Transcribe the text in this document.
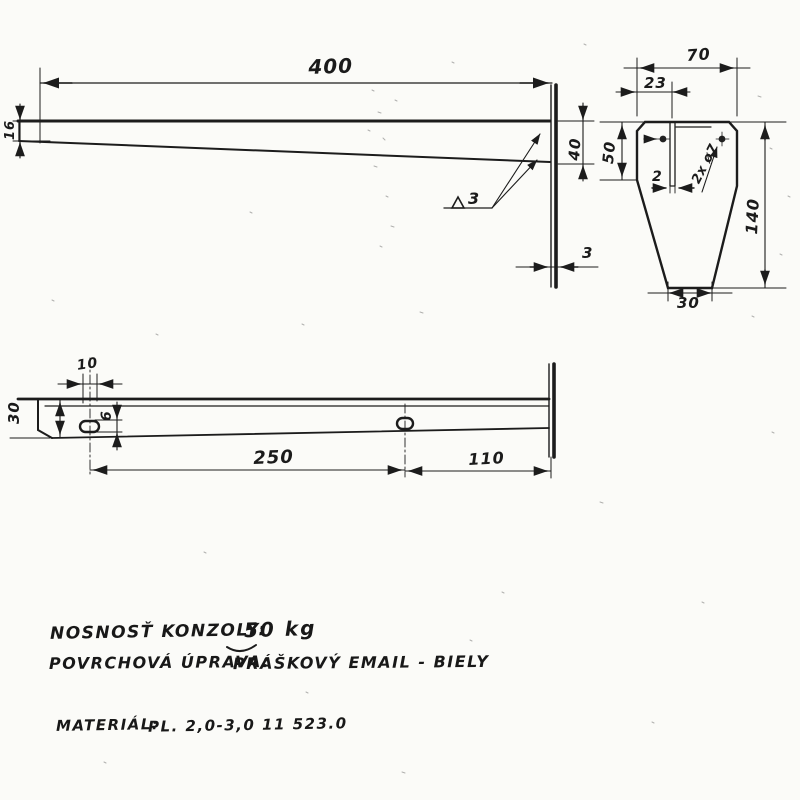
400
16
40
3
3
70
23
50
140
30
2 2x ø7
30
10
6
250	110
NOSNOSŤ KONZOLY:
50 kg
POVRCHOVÁ ÚPRAVA:
PRÁŠKOVÝ EMAIL - BIELY
MATERIÁL:
PL. 2,0-3,0 11 523.0
